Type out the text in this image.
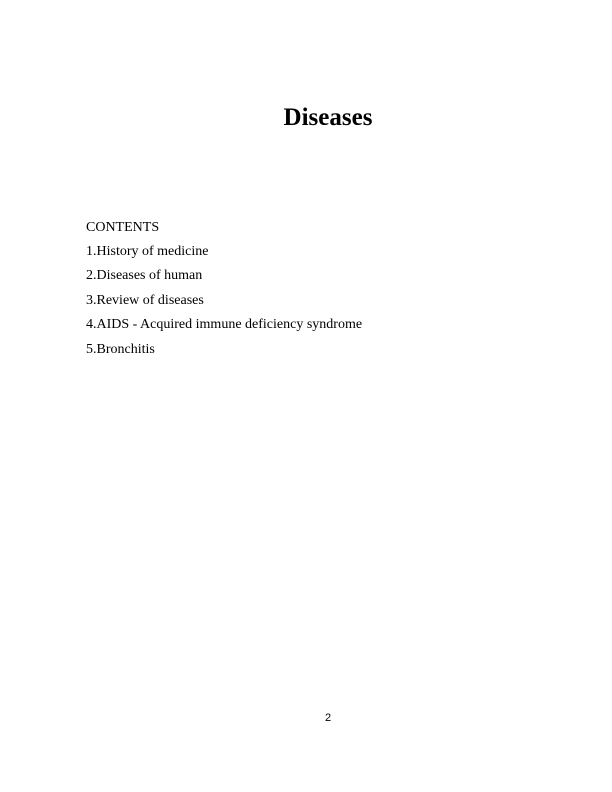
Diseases
CONTENTS
1.History of medicine
2.Diseases of human
3.Review of diseases
4.AIDS - Acquired immune deficiency syndrome
5.Bronchitis
2
